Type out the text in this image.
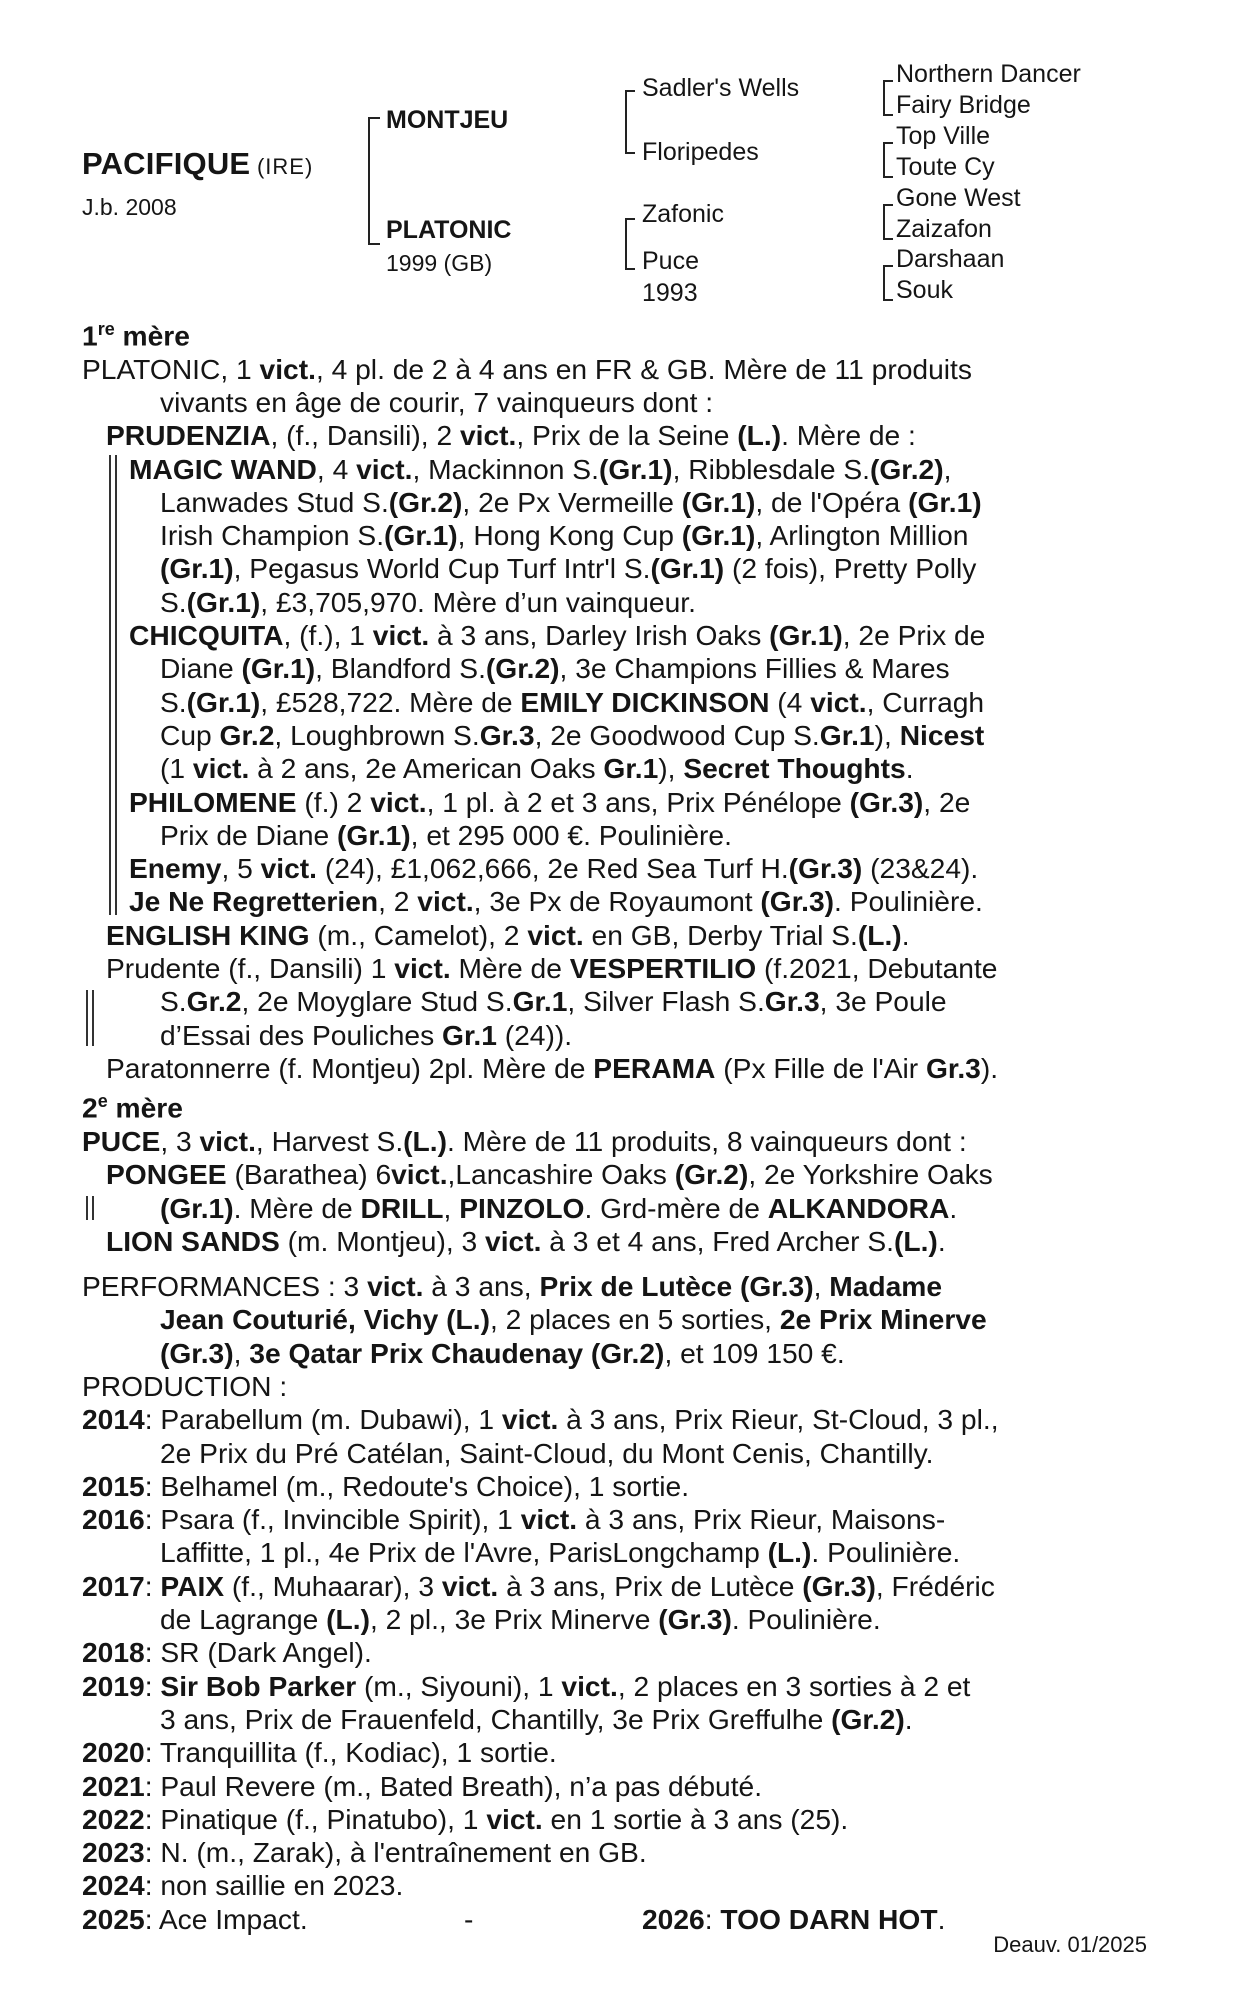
PACIFIQUE (IRE)
J.b. 2008
MONTJEU
PLATONIC
1999 (GB)
Sadler's Wells
Floripedes
Zafonic
Puce
1993
Northern Dancer
Fairy Bridge
Top Ville
Toute Cy
Gone West
Zaizafon
Darshaan
Souk
1re mère
PLATONIC, 1 vict., 4 pl. de 2 à 4 ans en FR & GB. Mère de 11 produits
vivants en âge de courir, 7 vainqueurs dont :
PRUDENZIA, (f., Dansili), 2 vict., Prix de la Seine (L.). Mère de :
MAGIC WAND, 4 vict., Mackinnon S.(Gr.1), Ribblesdale S.(Gr.2),
Lanwades Stud S.(Gr.2), 2e Px Vermeille (Gr.1), de l'Opéra (Gr.1)
Irish Champion S.(Gr.1), Hong Kong Cup (Gr.1), Arlington Million
(Gr.1), Pegasus World Cup Turf Intr'l S.(Gr.1) (2 fois), Pretty Polly
S.(Gr.1), £3,705,970. Mère d’un vainqueur.
CHICQUITA, (f.), 1 vict. à 3 ans, Darley Irish Oaks (Gr.1), 2e Prix de
Diane (Gr.1), Blandford S.(Gr.2), 3e Champions Fillies & Mares
S.(Gr.1), £528,722. Mère de EMILY DICKINSON (4 vict., Curragh
Cup Gr.2, Loughbrown S.Gr.3, 2e Goodwood Cup S.Gr.1), Nicest
(1 vict. à 2 ans, 2e American Oaks Gr.1), Secret Thoughts.
PHILOMENE (f.) 2 vict., 1 pl. à 2 et 3 ans, Prix Pénélope (Gr.3), 2e
Prix de Diane (Gr.1), et 295 000 €. Poulinière.
Enemy, 5 vict. (24), £1,062,666, 2e Red Sea Turf H.(Gr.3) (23&24).
Je Ne Regretterien, 2 vict., 3e Px de Royaumont (Gr.3). Poulinière.
ENGLISH KING (m., Camelot), 2 vict. en GB, Derby Trial S.(L.).
Prudente (f., Dansili) 1 vict. Mère de VESPERTILIO (f.2021, Debutante
S.Gr.2, 2e Moyglare Stud S.Gr.1, Silver Flash S.Gr.3, 3e Poule
d’Essai des Pouliches Gr.1 (24)).
Paratonnerre (f. Montjeu) 2pl. Mère de PERAMA (Px Fille de l'Air Gr.3).
2e mère
PUCE, 3 vict., Harvest S.(L.). Mère de 11 produits, 8 vainqueurs dont :
PONGEE (Barathea) 6vict.,Lancashire Oaks (Gr.2), 2e Yorkshire Oaks
(Gr.1). Mère de DRILL, PINZOLO. Grd-mère de ALKANDORA.
LION SANDS (m. Montjeu), 3 vict. à 3 et 4 ans, Fred Archer S.(L.).
PERFORMANCES : 3 vict. à 3 ans, Prix de Lutèce (Gr.3), Madame
Jean Couturié, Vichy (L.), 2 places en 5 sorties, 2e Prix Minerve
(Gr.3), 3e Qatar Prix Chaudenay (Gr.2), et 109 150 €.
PRODUCTION :
2014: Parabellum (m. Dubawi), 1 vict. à 3 ans, Prix Rieur, St-Cloud, 3 pl.,
2e Prix du Pré Catélan, Saint-Cloud, du Mont Cenis, Chantilly.
2015: Belhamel (m., Redoute's Choice), 1 sortie.
2016: Psara (f., Invincible Spirit), 1 vict. à 3 ans, Prix Rieur, Maisons-
Laffitte, 1 pl., 4e Prix de l'Avre, ParisLongchamp (L.). Poulinière.
2017: PAIX (f., Muhaarar), 3 vict. à 3 ans, Prix de Lutèce (Gr.3), Frédéric
de Lagrange (L.), 2 pl., 3e Prix Minerve (Gr.3). Poulinière.
2018: SR (Dark Angel).
2019: Sir Bob Parker (m., Siyouni), 1 vict., 2 places en 3 sorties à 2 et
3 ans, Prix de Frauenfeld, Chantilly, 3e Prix Greffulhe (Gr.2).
2020: Tranquillita (f., Kodiac), 1 sortie.
2021: Paul Revere (m., Bated Breath), n’a pas débuté.
2022: Pinatique (f., Pinatubo), 1 vict. en 1 sortie à 3 ans (25).
2023: N. (m., Zarak), à l'entraînement en GB.
2024: non saillie en 2023.
2025: Ace Impact.	-	2026: TOO DARN HOT.
Deauv. 01/2025
